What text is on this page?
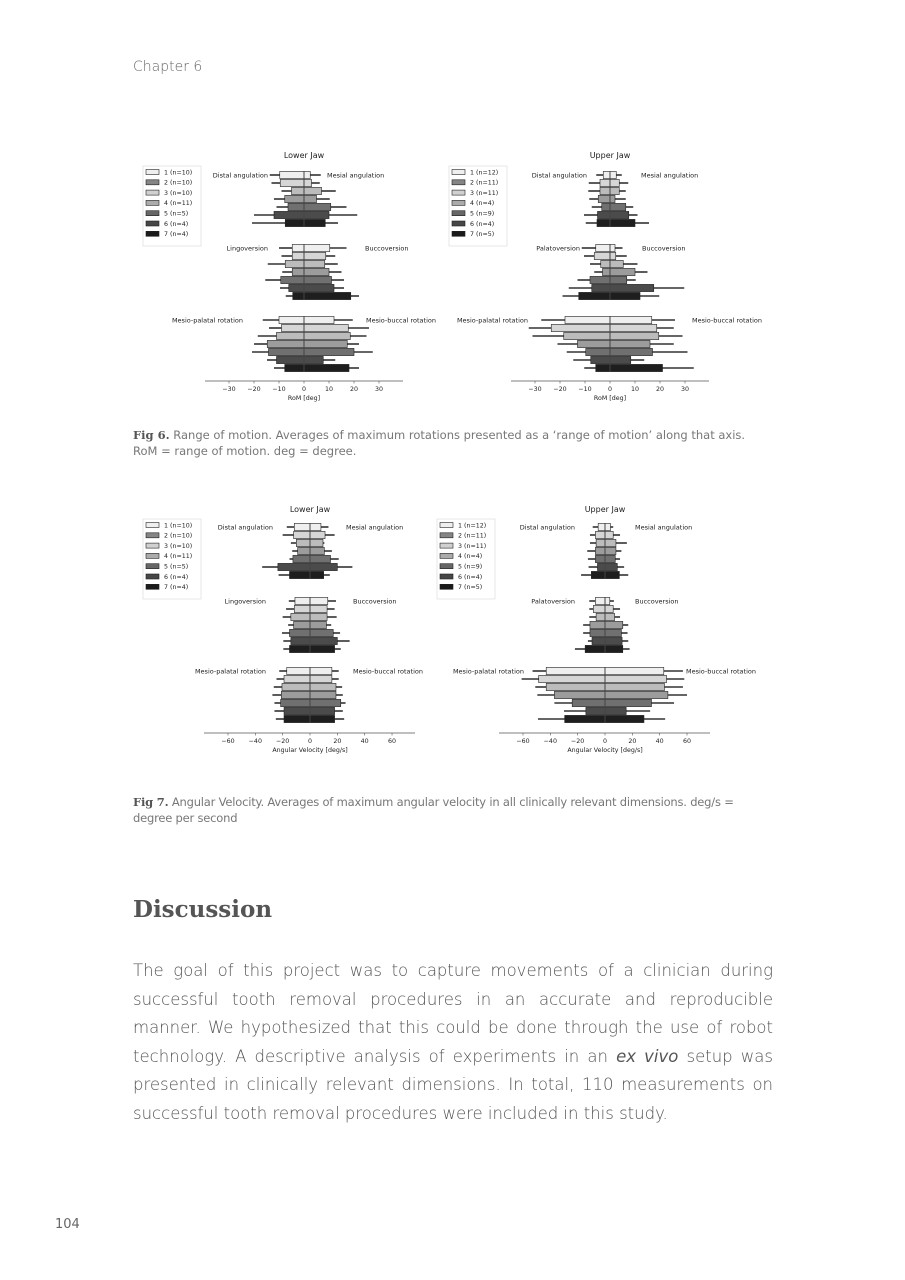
Chapter 6
Lower Jaw
1 (n=10)
2 (n=10)
3 (n=10)
4 (n=11)
5 (n=5)
6 (n=4)
7 (n=4)
Distal angulation	Mesial angulation
Lingoversion	Buccoversion
Mesio-palatal rotation	Mesio-buccal rotation
−30 −20 −10	0	10	20	30
RoM [deg]
Upper Jaw
1 (n=12)
2 (n=11)
3 (n=11)
4 (n=4)
5 (n=9)
6 (n=4)
7 (n=5)
Distal angulation	Mesial angulation
Palatoversion	Buccoversion
Mesio-palatal rotation	Mesio-buccal rotation
−30 −20 −10	0	10	20	30
RoM [deg]
Lower Jaw
1 (n=10)
2 (n=10)
3 (n=10)
4 (n=11)
5 (n=5)
6 (n=4)
7 (n=4)
Distal angulation	Mesial angulation
Lingoversion	Buccoversion
Mesio-palatal rotation	Mesio-buccal rotation
−60 −40 −20	0	20	40	60
Angular Velocity [deg/s]
Upper Jaw
1 (n=12)
2 (n=11)
3 (n=11)
4 (n=4)
5 (n=9)
6 (n=4)
7 (n=5)
Distal angulation	Mesial angulation
Palatoversion	Buccoversion
Mesio-palatal rotation	Mesio-buccal rotation
−60 −40 −20	0	20	40	60
Angular Velocity [deg/s]
Fig 6. Range of motion. Averages of maximum rotations presented as a ‘range of motion’ along that axis. RoM = range of motion. deg = degree.
Fig 7. Angular Velocity. Averages of maximum angular velocity in all clinically relevant dimensions. deg/s = degree per second
Discussion
The goal of this project was to capture movements of a clinician during successful tooth removal procedures in an accurate and reproducible manner. We hypothesized that this could be done through the use of robot technology. A descriptive analysis of experiments in an ex vivo setup was presented in clinically relevant dimensions. In total, 110 measurements on successful tooth removal procedures were included in this study.
104
